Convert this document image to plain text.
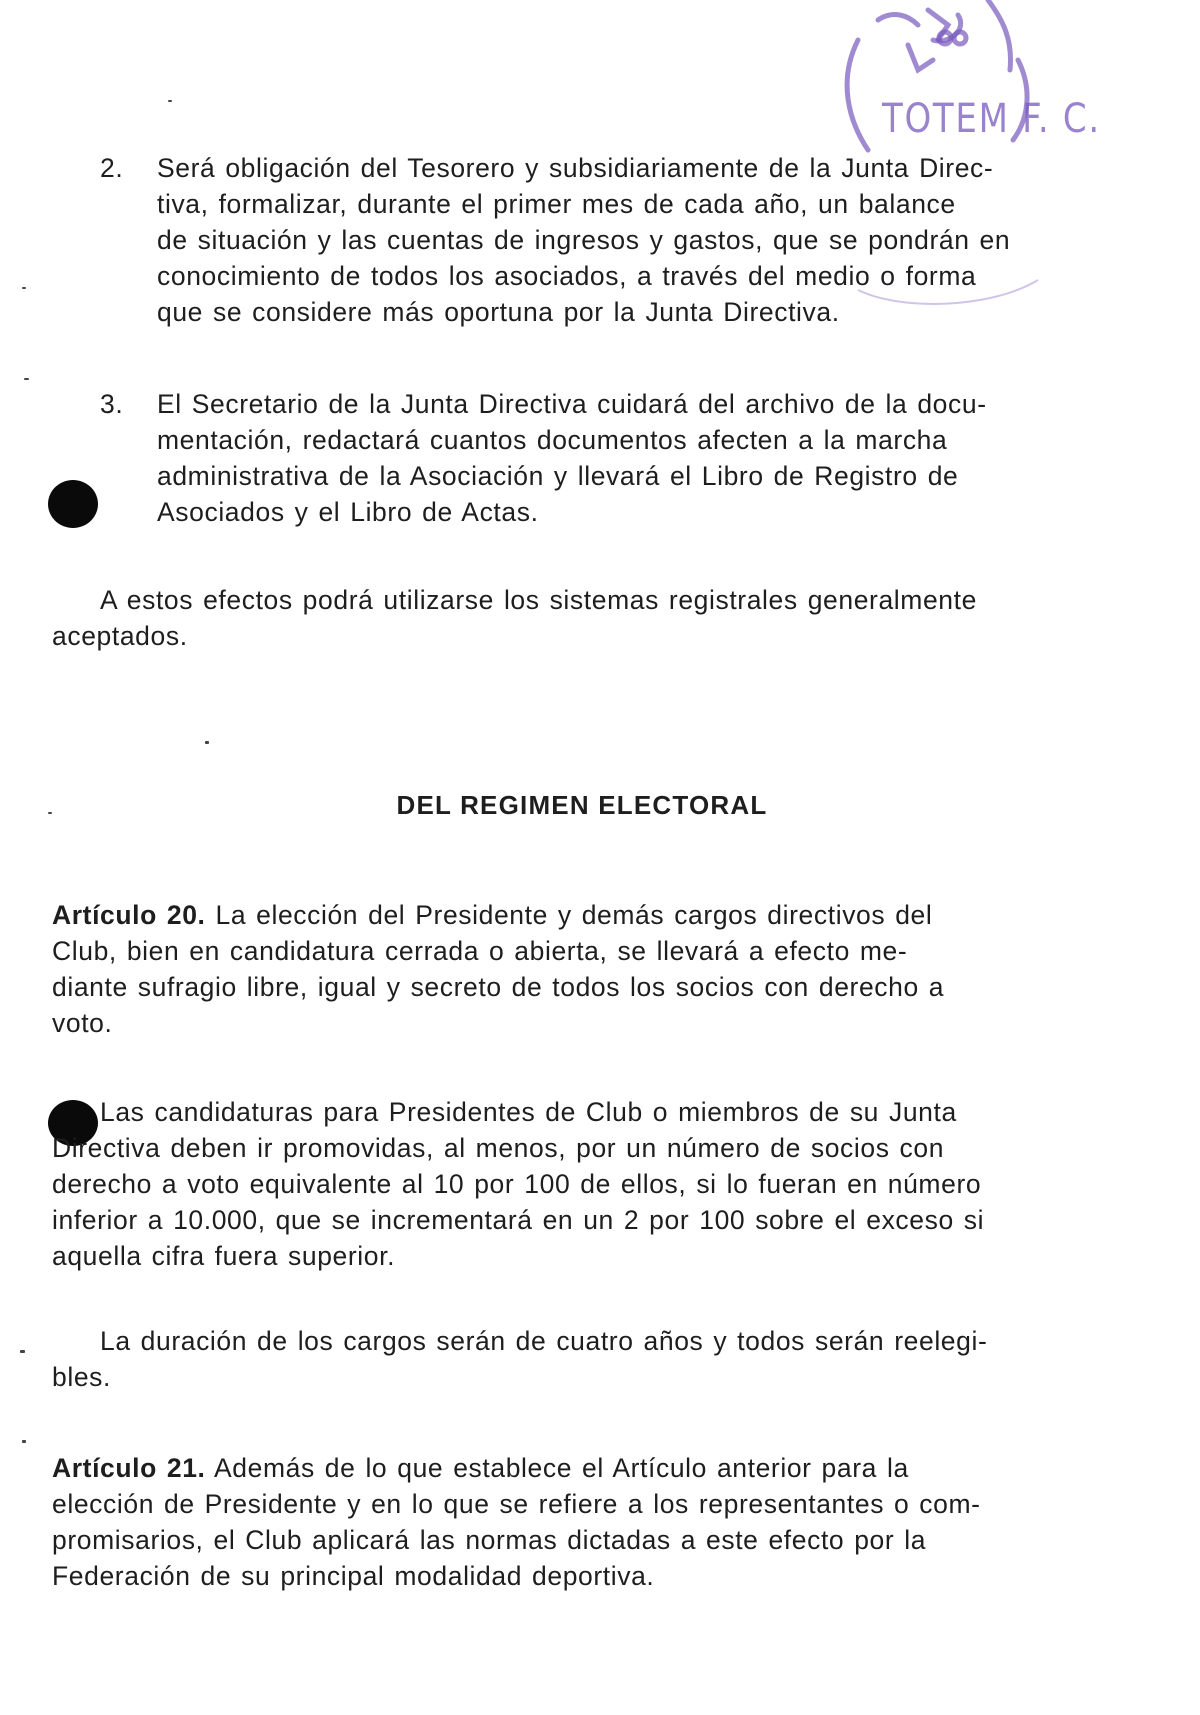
TOTEM F. C.

2. Será obligación del Tesorero y subsidiariamente de la Junta Direc-
tiva, formalizar, durante el primer mes de cada año, un balance
de situación y las cuentas de ingresos y gastos, que se pondrán en
conocimiento de todos los asociados, a través del medio o forma
que se considere más oportuna por la Junta Directiva.
3. El Secretario de la Junta Directiva cuidará del archivo de la docu-
mentación, redactará cuantos documentos afecten a la marcha
administrativa de la Asociación y llevará el Libro de Registro de
Asociados y el Libro de Actas.
A estos efectos podrá utilizarse los sistemas registrales generalmente
aceptados.
DEL REGIMEN ELECTORAL
Artículo 20. La elección del Presidente y demás cargos directivos del
Club, bien en candidatura cerrada o abierta, se llevará a efecto me-
diante sufragio libre, igual y secreto de todos los socios con derecho a
voto.
Las candidaturas para Presidentes de Club o miembros de su Junta
Directiva deben ir promovidas, al menos, por un número de socios con
derecho a voto equivalente al 10 por 100 de ellos, si lo fueran en número
inferior a 10.000, que se incrementará en un 2 por 100 sobre el exceso si
aquella cifra fuera superior.
La duración de los cargos serán de cuatro años y todos serán reelegi-
bles.
Artículo 21. Además de lo que establece el Artículo anterior para la
elección de Presidente y en lo que se refiere a los representantes o com-
promisarios, el Club aplicará las normas dictadas a este efecto por la
Federación de su principal modalidad deportiva.
